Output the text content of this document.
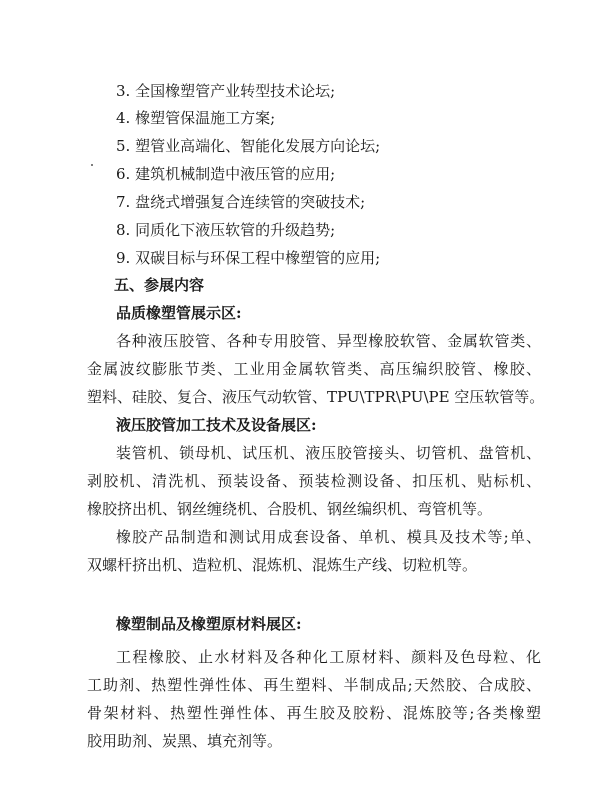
3. 全国橡塑管产业转型技术论坛;
4. 橡塑管保温施工方案;
5. 塑管业高端化、智能化发展方向论坛;
6. 建筑机械制造中液压管的应用;
7. 盘绕式增强复合连续管的突破技术;
8. 同质化下液压软管的升级趋势;
9. 双碳目标与环保工程中橡塑管的应用;
五、参展内容
品质橡塑管展示区:
各种液压胶管、各种专用胶管、异型橡胶软管、金属软管类、
金属波纹膨胀节类、工业用金属软管类、高压编织胶管、橡胶、
塑料、硅胶、复合、液压气动软管、TPU\TPR\PU\PE 空压软管等。
液压胶管加工技术及设备展区:
装管机、锁母机、试压机、液压胶管接头、切管机、盘管机、
剥胶机、清洗机、预装设备、预装检测设备、扣压机、贴标机、
橡胶挤出机、钢丝缠绕机、合股机、钢丝编织机、弯管机等。
橡胶产品制造和测试用成套设备、单机、模具及技术等;单、
双螺杆挤出机、造粒机、混炼机、混炼生产线、切粒机等。
橡塑制品及橡塑原材料展区:
工程橡胶、止水材料及各种化工原材料、颜料及色母粒、化
工助剂、热塑性弹性体、再生塑料、半制成品;天然胶、合成胶、
骨架材料、热塑性弹性体、再生胶及胶粉、混炼胶等;各类橡塑
胶用助剂、炭黑、填充剂等。
